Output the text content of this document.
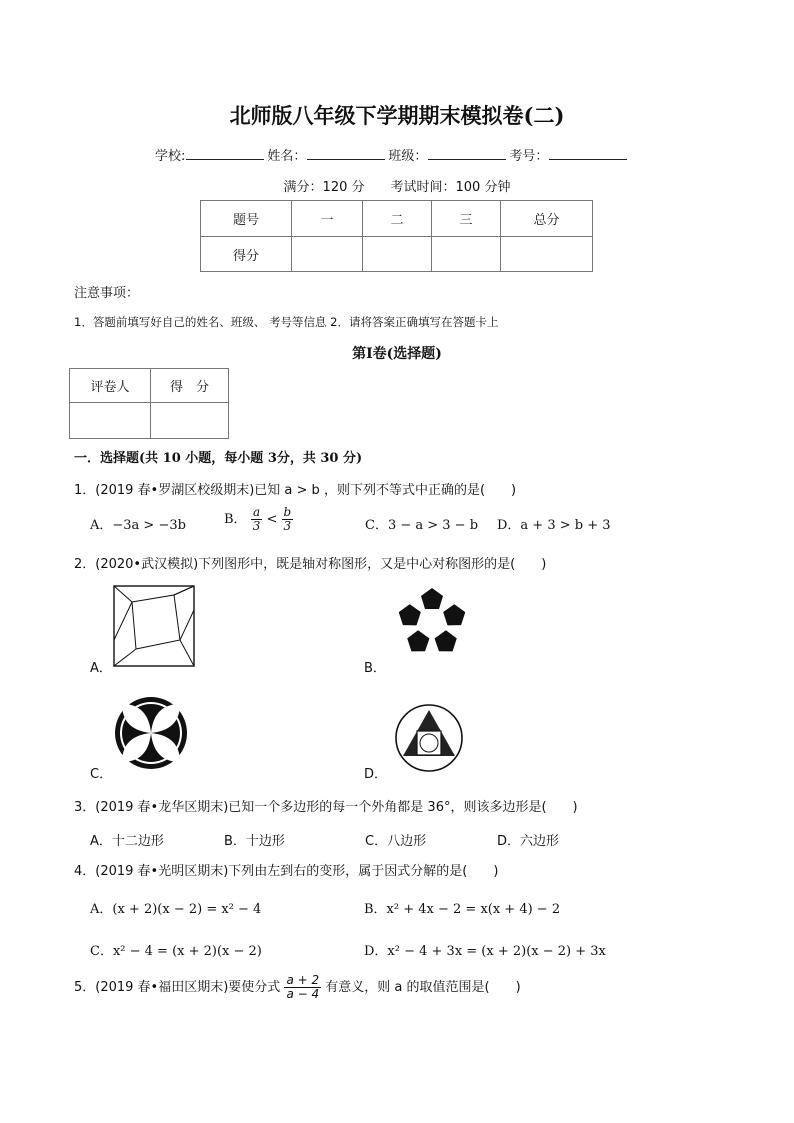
北师版八年级下学期期末模拟卷(二)
学校:	姓名：	班级：	考号：
满分：120 分　　考试时间：100 分钟
题号	一	二	三	总分
得分				
注意事项：
1．答题前填写好自己的姓名、班级、 考号等信息 2．请将答案正确填写在答题卡上
第Ⅰ卷(选择题)
评卷人	得　分

一．选择题(共 10 小题，每小题 3分，共 30 分)
1．(2019 春•罗湖区校级期末)已知 a > b ，则下列不等式中正确的是(　　)
A．−3a > −3b	B． $\frac{a}{3} < \frac{b}{3}$	C．3 − a > 3 − b D．a + 3 > b + 3
2．(2020•武汉模拟)下列图形中，既是轴对称图形，又是中心对称图形的是(　　)
A．	B．
C．	D．
3．(2019 春•龙华区期末)已知一个多边形的每一个外角都是 36°，则该多边形是(　　)
A．十二边形	B．十边形	C．八边形	D．六边形
4．(2019 春•光明区期末)下列由左到右的变形，属于因式分解的是(　　)
A．(x + 2)(x − 2) = x² − 4	B．x² + 4x − 2 = x(x + 4) − 2
C．x² − 4 = (x + 2)(x − 2)	D．x² − 4 + 3x = (x + 2)(x − 2) + 3x
5．(2019 春•福田区期末)要使分式 $\frac{a + 2}{a - 4}$ 有意义，则 a 的取值范围是(　　)
